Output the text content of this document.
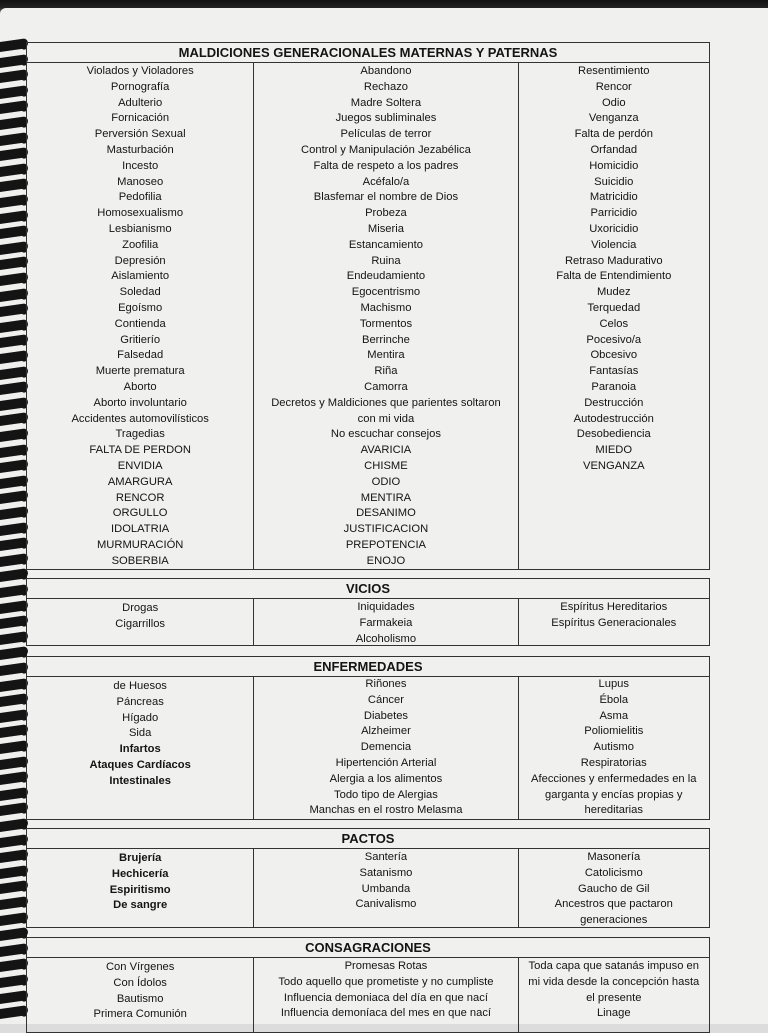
MALDICIONES GENERACIONALES MATERNAS Y PATERNAS
Violados y Violadores
Pornografía
Adulterio
Fornicación
Perversión Sexual
Masturbación
Incesto
Manoseo
Pedofilia
Homosexualismo
Lesbianismo
Zoofilia
Depresión
Aislamiento
Soledad
Egoísmo
Contienda
Gritierío
Falsedad
Muerte prematura
Aborto
Aborto involuntario
Accidentes automovilísticos
Tragedias
FALTA DE PERDON
ENVIDIA
AMARGURA
RENCOR
ORGULLO
IDOLATRIA
MURMURACIÓN
SOBERBIA
Abandono
Rechazo
Madre Soltera
Juegos subliminales
Películas de terror
Control y Manipulación Jezabélica
Falta de respeto a los padres
Acéfalo/a
Blasfemar el nombre de Dios
Probeza
Miseria
Estancamiento
Ruina
Endeudamiento
Egocentrismo
Machismo
Tormentos
Berrinche
Mentira
Riña
Camorra
Decretos y Maldiciones que parientes soltaron
con mi vida
No escuchar consejos
AVARICIA
CHISME
ODIO
MENTIRA
DESANIMO
JUSTIFICACION
PREPOTENCIA
ENOJO
Resentimiento
Rencor
Odio
Venganza
Falta de perdón
Orfandad
Homicidio
Suicidio
Matricidio
Parricidio
Uxoricidio
Violencia
Retraso Madurativo
Falta de Entendimiento
Mudez
Terquedad
Celos
Pocesivo/a
Obcesivo
Fantasías
Paranoia
Destrucción
Autodestrucción
Desobediencia
MIEDO
VENGANZA
VICIOS
Drogas
Cigarrillos
Iniquidades
Farmakeia
Alcoholismo
Espíritus Hereditarios
Espíritus Generacionales
ENFERMEDADES
de Huesos
Páncreas
Hígado
Sida
Infartos
Ataques Cardíacos
Intestinales
Riñones
Cáncer
Diabetes
Alzheimer
Demencia
Hipertención Arterial
Alergia a los alimentos
Todo tipo de Alergias
Manchas en el rostro Melasma
Lupus
Ébola
Asma
Poliomielitis
Autismo
Respiratorias
Afecciones y enfermedades en la
garganta y encías propias y
hereditarias
PACTOS
Brujería
Hechicería
Espiritismo
De sangre
Santería
Satanismo
Umbanda
Canivalismo
Masonería
Catolicismo
Gaucho de Gil
Ancestros que pactaron
generaciones
CONSAGRACIONES
Con Vírgenes
Con Ídolos
Bautismo
Primera Comunión
Promesas Rotas
Todo aquello que prometiste y no cumpliste
Influencia demoniaca del día en que nací
Influencia demoníaca del mes en que nací
Toda capa que satanás impuso en
mi vida desde la concepción hasta
el presente
Linage
